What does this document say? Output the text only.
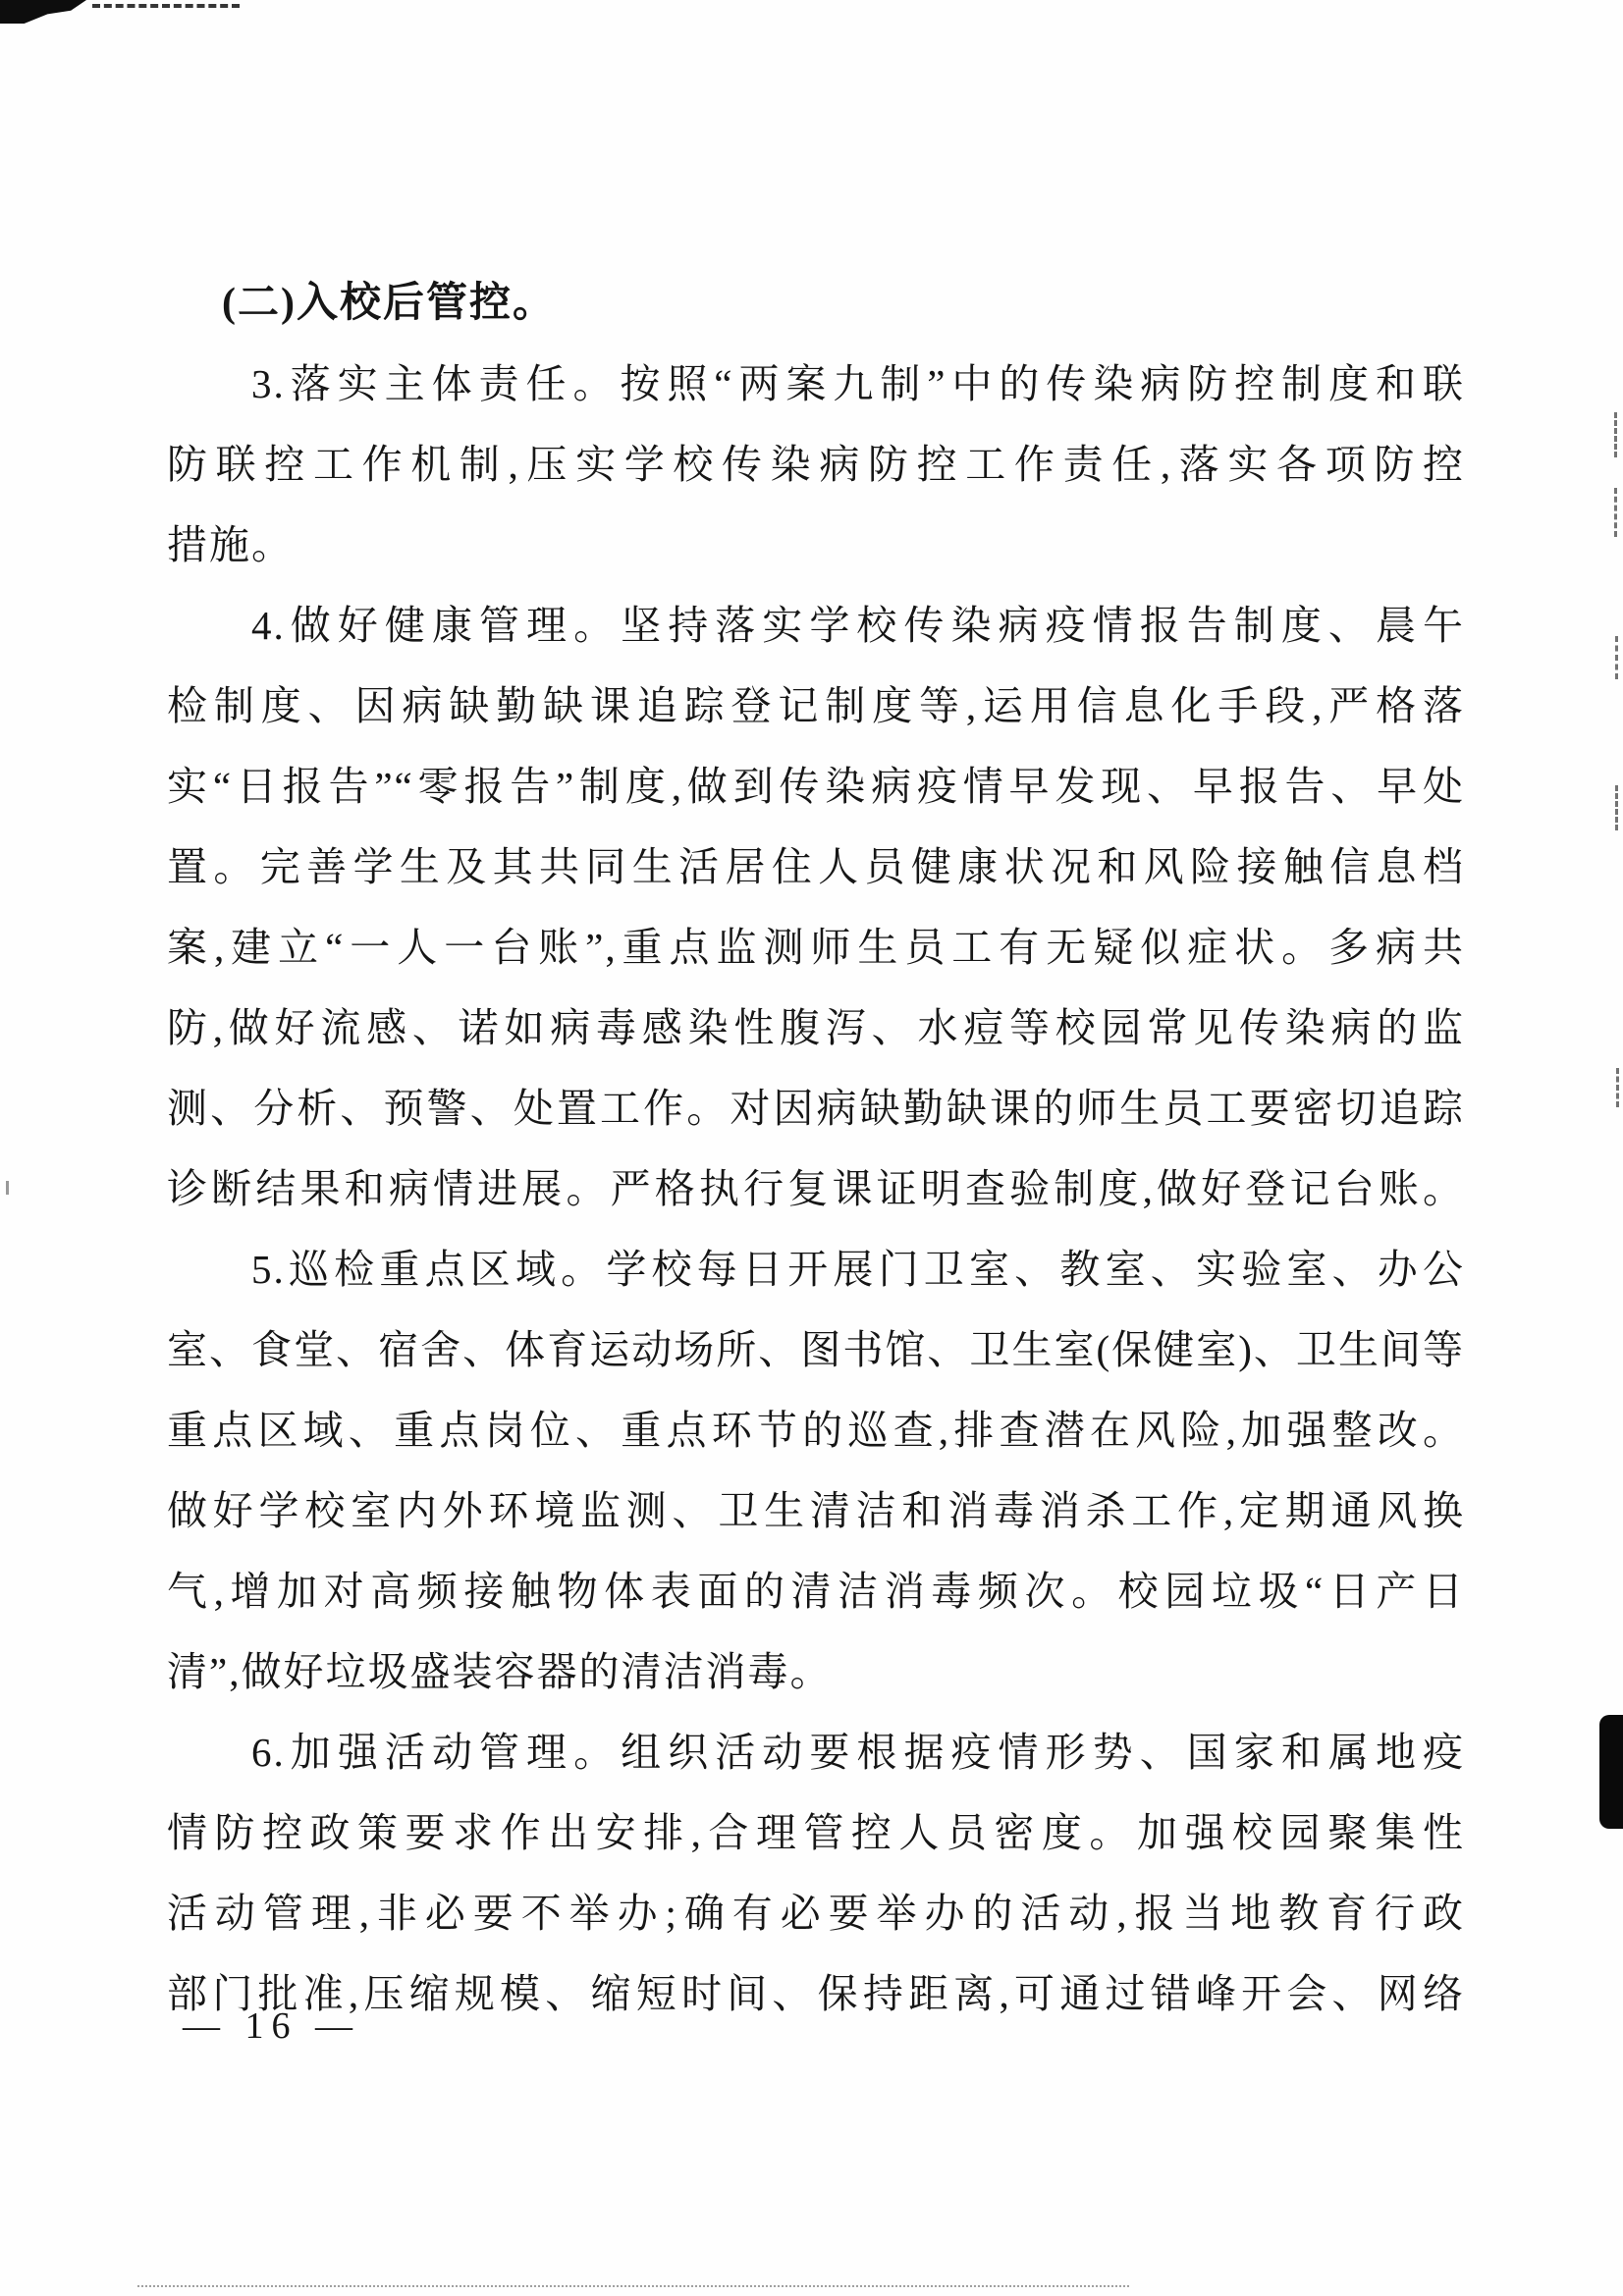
(二)入校后管控。
3.落实主体责任。按照“两案九制”中的传染病防控制度和联
防联控工作机制,压实学校传染病防控工作责任,落实各项防控
措施。
4.做好健康管理。坚持落实学校传染病疫情报告制度、晨午
检制度、因病缺勤缺课追踪登记制度等,运用信息化手段,严格落
实“日报告”“零报告”制度,做到传染病疫情早发现、早报告、早处
置。完善学生及其共同生活居住人员健康状况和风险接触信息档
案,建立“一人一台账”,重点监测师生员工有无疑似症状。多病共
防,做好流感、诺如病毒感染性腹泻、水痘等校园常见传染病的监
测、分析、预警、处置工作。对因病缺勤缺课的师生员工要密切追踪
诊断结果和病情进展。严格执行复课证明查验制度,做好登记台账。
5.巡检重点区域。学校每日开展门卫室、教室、实验室、办公
室、食堂、宿舍、体育运动场所、图书馆、卫生室(保健室)、卫生间等
重点区域、重点岗位、重点环节的巡查,排查潜在风险,加强整改。
做好学校室内外环境监测、卫生清洁和消毒消杀工作,定期通风换
气,增加对高频接触物体表面的清洁消毒频次。校园垃圾“日产日
清”,做好垃圾盛装容器的清洁消毒。
6.加强活动管理。组织活动要根据疫情形势、国家和属地疫
情防控政策要求作出安排,合理管控人员密度。加强校园聚集性
活动管理,非必要不举办;确有必要举办的活动,报当地教育行政
部门批准,压缩规模、缩短时间、保持距离,可通过错峰开会、网络
— 16 —
